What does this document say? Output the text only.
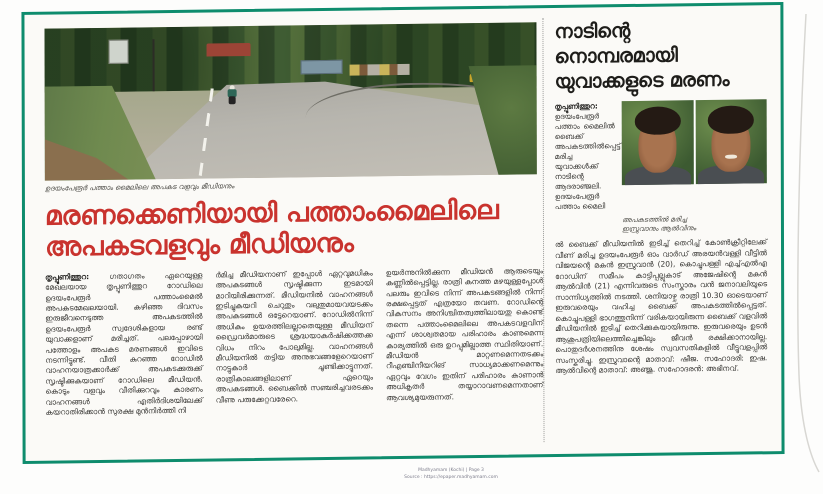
ഉദയംപേരൂർ പത്താം മൈലിലെ അപകട വളവും മീഡിയനും
മരണക്കെണിയായി പത്താംമൈലിലെ
അപകടവളവും മീഡിയനും
തൃപ്പൂണിത്തുറ:	ഗതാഗതം ഏറെയുള്ള മേഖലയായ തൃപ്പൂണിത്തുറ റോഡിലെ ഉദയംപേരൂർ പത്താംമൈൽ അപകടമേഖലയായി. കഴിഞ്ഞ ദിവസം ഇരുജീവനെടുത്ത അപകടത്തിൽ ഉദയംപേരൂർ സ്വദേശികളായ രണ്ട് യുവാക്കളാണ് മരിച്ചത്. പലപ്പോഴായി പത്തോളം അപകട മരണങ്ങൾ ഇവിടെ നടന്നിട്ടുണ്ട്. വീതി കുറഞ്ഞ റോഡിൽ വാഹനയാത്രക്കാർക്ക് അപകടക്കുരുക്ക് സൃഷ്ടിക്കുകയാണ് റോഡിലെ മീഡിയൻ. കൊടും വളവും വീതിക്കുറവും കാരണം വാഹനങ്ങൾ എതിർദിശയിലേക്ക് കയറാതിരിക്കാൻ സുരക്ഷ മുൻനിർത്തി നി
ർമിച്ച മീഡിയനാണ് ഇപ്പോൾ ഏറ്റവുമധികം അപകടങ്ങൾ സൃഷ്ടിക്കുന്ന ഇടമായി മാറിയിരിക്കുന്നത്. മീഡിയനിൽ വാഹനങ്ങൾ ഇടിച്ചുകയറി ചെറുതും വലുതുമായവയടക്കം അപകടങ്ങൾ ഒട്ടേറെയാണ്. റോഡിൽനിന്ന് അധികം ഉയരത്തിലല്ലാതെയുള്ള മീഡിയന് ഡ്രൈവർമാരുടെ ശ്രദ്ധയാകർഷിക്കത്തക്ക വിധം നിറം പോലുമില്ല. വാഹനങ്ങൾ മീഡിയനിൽ തട്ടിയ അനുഭവങ്ങളേറെയാണ് നാട്ടുകാർ ചൂണ്ടിക്കാട്ടുന്നത്. രാത്രികാലങ്ങളിലാണ് ഏറെയും അപകടങ്ങൾ. ബൈക്കിൽ സഞ്ചരിച്ചവരടക്കം വീണു പരുക്കേറ്റവരേറെ.
ഉയർന്നുനിൽക്കുന്ന മീഡിയൻ ആരുടെയും കണ്ണിൽപ്പെട്ടില്ല. രാത്രി കനത്ത മഴയുള്ളപ്പോൾ പലരും ഇവിടെ നിന്ന് അപകടങ്ങളിൽ നിന്ന് രക്ഷപ്പെട്ടത് എത്രയോ തവണ. റോഡിന്റെ വികസനം അനിശ്ചിതത്വത്തിലായതു കൊണ്ട് തന്നെ പത്താംമൈലിലെ അപകടവളവിന് എന്ന് ശാശ്വതമായ പരിഹാരം കാണുമെന്ന കാര്യത്തിൽ ഒരു ഉറപ്പുമില്ലാത്ത സ്ഥിതിയാണ്. മീഡിയൻ മാറ്റണമെന്നതടക്കം റീഎഞ്ചിനീയറിങ് സാധ്യമാക്കണമെന്നും ഏറ്റവും വേഗം ഇതിന് പരിഹാരം കാണാൻ അധികൃതർ തയ്യാറാവണമെന്നതാണ് ആവശ്യമുയരുന്നത്.
നാടിന്റെ
നൊമ്പരമായി
യുവാക്കളുടെ മരണം
തൃപ്പൂണിത്തുറ: ഉദയംപേരൂർ പത്താം മൈലിൽ ബൈക്ക് അപകടത്തിൽപ്പെട്ട് മരിച്ച യുവാക്കൾക്ക് നാടിന്റെ ആദരാഞ്ജലി. ഉദയംപേരൂർ പത്താം മൈലി
അപകടത്തിൽ മരിച്ച
ഇസ്രുവാനും ആൽവിനും
ൽ ബൈക്ക് മീഡിയനിൽ ഇടിച്ച് തെറിച്ച് കോൺക്രീറ്റിലേക്ക് വീണ് മരിച്ച ഉദയംപേരൂർ ഓം വാർഡ് അരയൻവള്ളി വീട്ടിൽ വിജയന്റെ മകൻ ഇസ്രുവാൻ (20), കൊച്ചുപള്ളി എച്ച്എൽഎ റോഡിന് സമീപം കാട്ടിപ്പല്ലുകാട് അജേഷിന്റെ മകൻ ആൽവിൻ (21) എന്നിവരുടെ സംസ്കാരം വൻ ജനാവലിയുടെ സാന്നിധ്യത്തിൽ നടത്തി. ശനിയാഴ്ച രാത്രി 10.30 ഓടെയാണ് ഇരുവരെയും വഹിച്ച ബൈക്ക് അപകടത്തിൽപ്പെട്ടത്. കൊച്ചുപള്ളി ഭാഗത്തുനിന്ന് വരികയായിരുന്ന ബൈക്ക് വളവിൽ മീഡിയനിൽ ഇടിച്ച് തെറിക്കുകയായിരുന്നു. ഇരുവരെയും ഉടൻ ആശുപത്രിയിലെത്തിച്ചെങ്കിലും ജീവൻ രക്ഷിക്കാനായില്ല. പൊതുദർശനത്തിനു ശേഷം സ്വവസതികളിൽ വീട്ടുവളപ്പിൽ സംസ്കരിച്ചു. ഇസ്രുവാന്റെ മാതാവ്: ഷീജ. സഹോദരി: ഇഷ. ആൽവിന്റെ മാതാവ്: അഞ്ജു. സഹോദരൻ: അഭിനവ്.
Madhyamam (Kochi) | Page 3
Source : https://epaper.madhyamam.com
